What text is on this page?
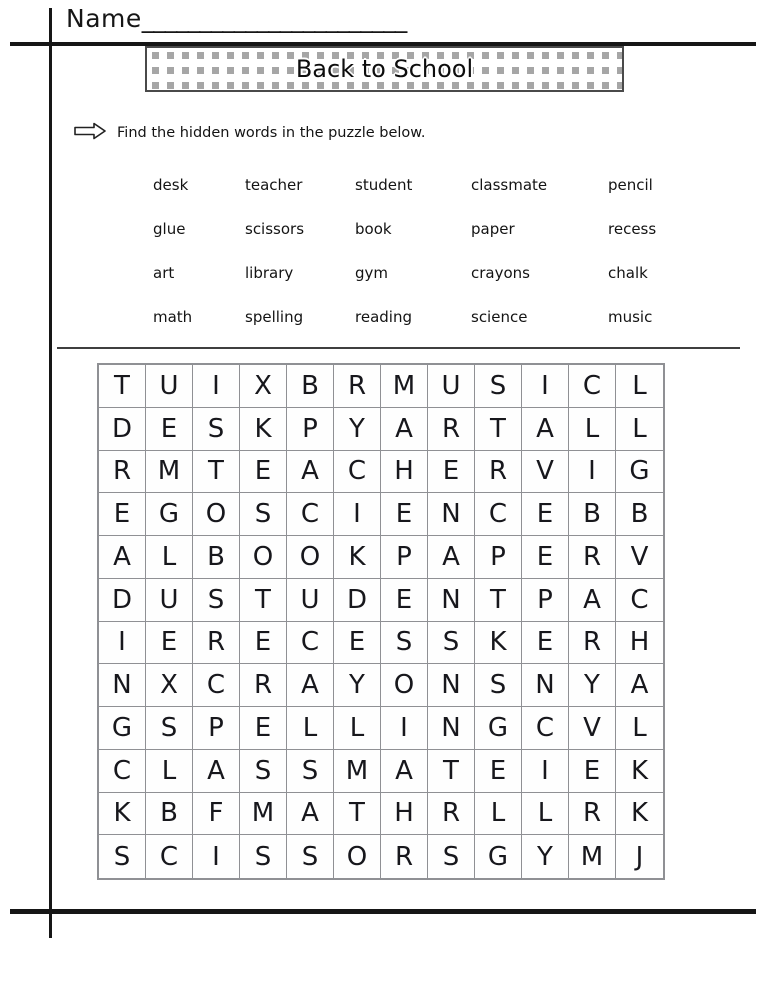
Name_______________________
Back to School
Find the hidden words in the puzzle below.
desk	teacher	student	classmate	pencil
glue	scissors	book	paper	recess
art	library	gym	crayons	chalk
math	spelling	reading	science	music
T	U	I	X	B	R	M	U	S	I	C	L
D	E	S	K	P	Y	A	R	T	A	L	L
R	M	T	E	A	C	H	E	R	V	I	G
E	G	O	S	C	I	E	N	C	E	B	B
A	L	B	O	O	K	P	A	P	E	R	V
D	U	S	T	U	D	E	N	T	P	A	C
I	E	R	E	C	E	S	S	K	E	R	H
N	X	C	R	A	Y	O	N	S	N	Y	A
G	S	P	E	L	L	I	N	G	C	V	L
C	L	A	S	S	M	A	T	E	I	E	K
K	B	F	M	A	T	H	R	L	L	R	K
S	C	I	S	S	O	R	S	G	Y	M	J
